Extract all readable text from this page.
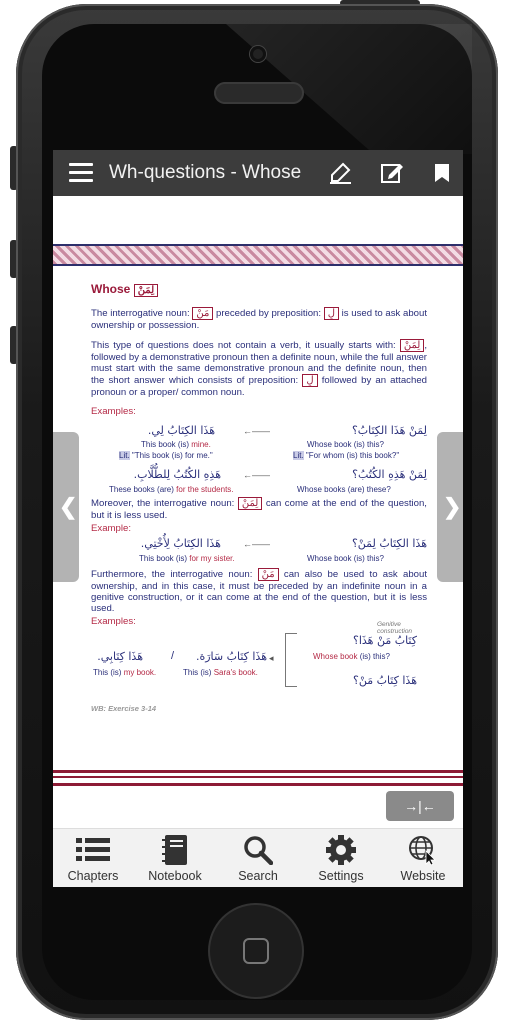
Wh-questions - Whose
Whose لِمَنْ
The interrogative noun: مَنْ preceded by preposition: لِ is used to ask about ownership or possession.
This type of questions does not contain a verb, it usually starts with: لِمَنْ , followed by a demonstrative pronoun then a definite noun, while the full answer must start with the same demonstrative pronoun and the definite noun, then the short answer which consists of preposition: لِ followed by an attached pronoun or a proper/ common noun.
Examples:
لِمَنْ هَذَا الكِتَابُ؟
Whose book (is) this?
Lit. "For whom (is) this book?"
←——
هَذَا الكِتَابُ لِي.
This book (is) mine.
Lit. "This book (is) for me."
لِمَنْ هَذِهِ الكُتُبُ؟
Whose books (are) these?
←——
هَذِهِ الكُتُبُ لِلطُّلَّابِ.
These books (are) for the students.
Moreover, the interrogative noun: لِمَنْ can come at the end of the question, but it is less used.
Example:
هَذَا الكِتَابُ لِمَنْ؟
Whose book (is) this?
←——
هَذَا الكِتَابُ لِأُخْتِي.
This book (is) for my sister.
Furthermore, the interrogative noun: مَنْ can also be used to ask about ownership, and in this case, it must be preceded by an indefinite noun in a genitive construction, or it can come at the end of the question, but it is less used.
Examples:	Genitive construction
كِتَابُ مَنْ هَذَا؟
Whose book (is) this?
هَذَا كِتَابُ مَنْ؟
◂
هَذَا كِتَابُ سَارَة.
This (is) Sara's book.
/
هَذَا كِتَابِي.
This (is) my book.
WB: Exercise 3-14
❮	❯
→|←
Chapters	Notebook	Search	Settings	Website
